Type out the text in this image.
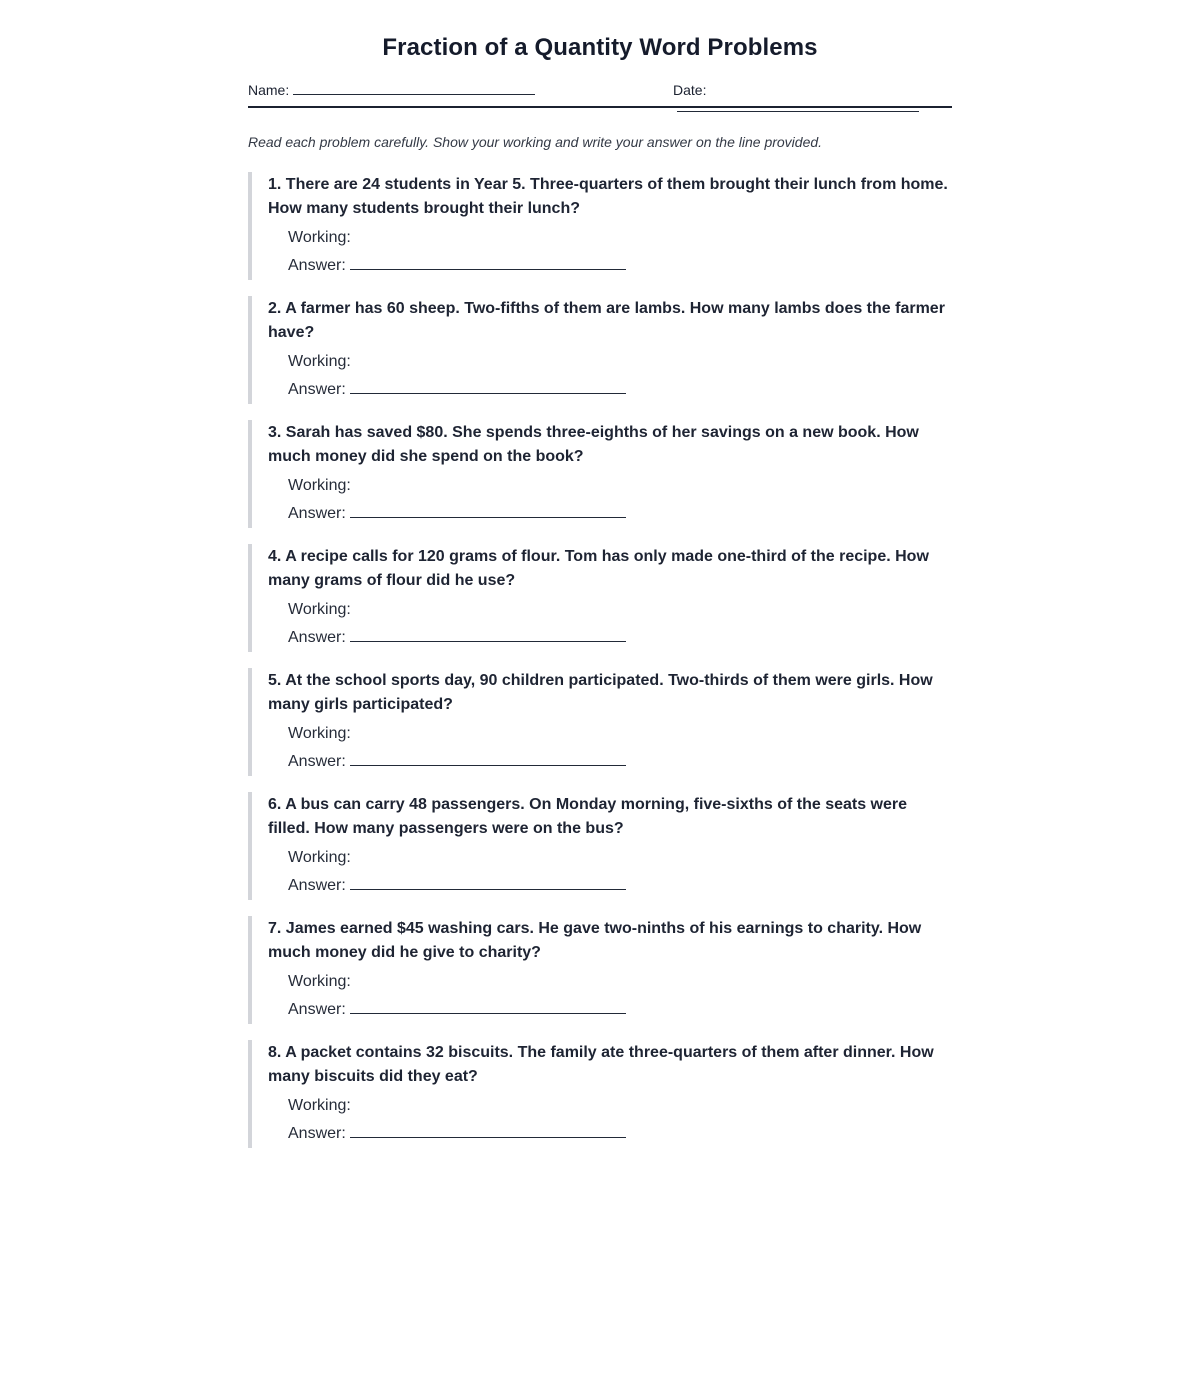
Fraction of a Quantity Word Problems
Name:	Date:

Read each problem carefully. Show your working and write your answer on the line provided.

1. There are 24 students in Year 5. Three-quarters of them brought their lunch from home. How many students brought their lunch?

Working:
Answer:

2. A farmer has 60 sheep. Two-fifths of them are lambs. How many lambs does the farmer have?

Working:
Answer:

3. Sarah has saved $80. She spends three-eighths of her savings on a new book. How much money did she spend on the book?

Working:
Answer:

4. A recipe calls for 120 grams of flour. Tom has only made one-third of the recipe. How many grams of flour did he use?

Working:
Answer:

5. At the school sports day, 90 children participated. Two-thirds of them were girls. How many girls participated?

Working:
Answer:

6. A bus can carry 48 passengers. On Monday morning, five-sixths of the seats were filled. How many passengers were on the bus?

Working:
Answer:

7. James earned $45 washing cars. He gave two-ninths of his earnings to charity. How much money did he give to charity?

Working:
Answer:

8. A packet contains 32 biscuits. The family ate three-quarters of them after dinner. How many biscuits did they eat?

Working:
Answer:
